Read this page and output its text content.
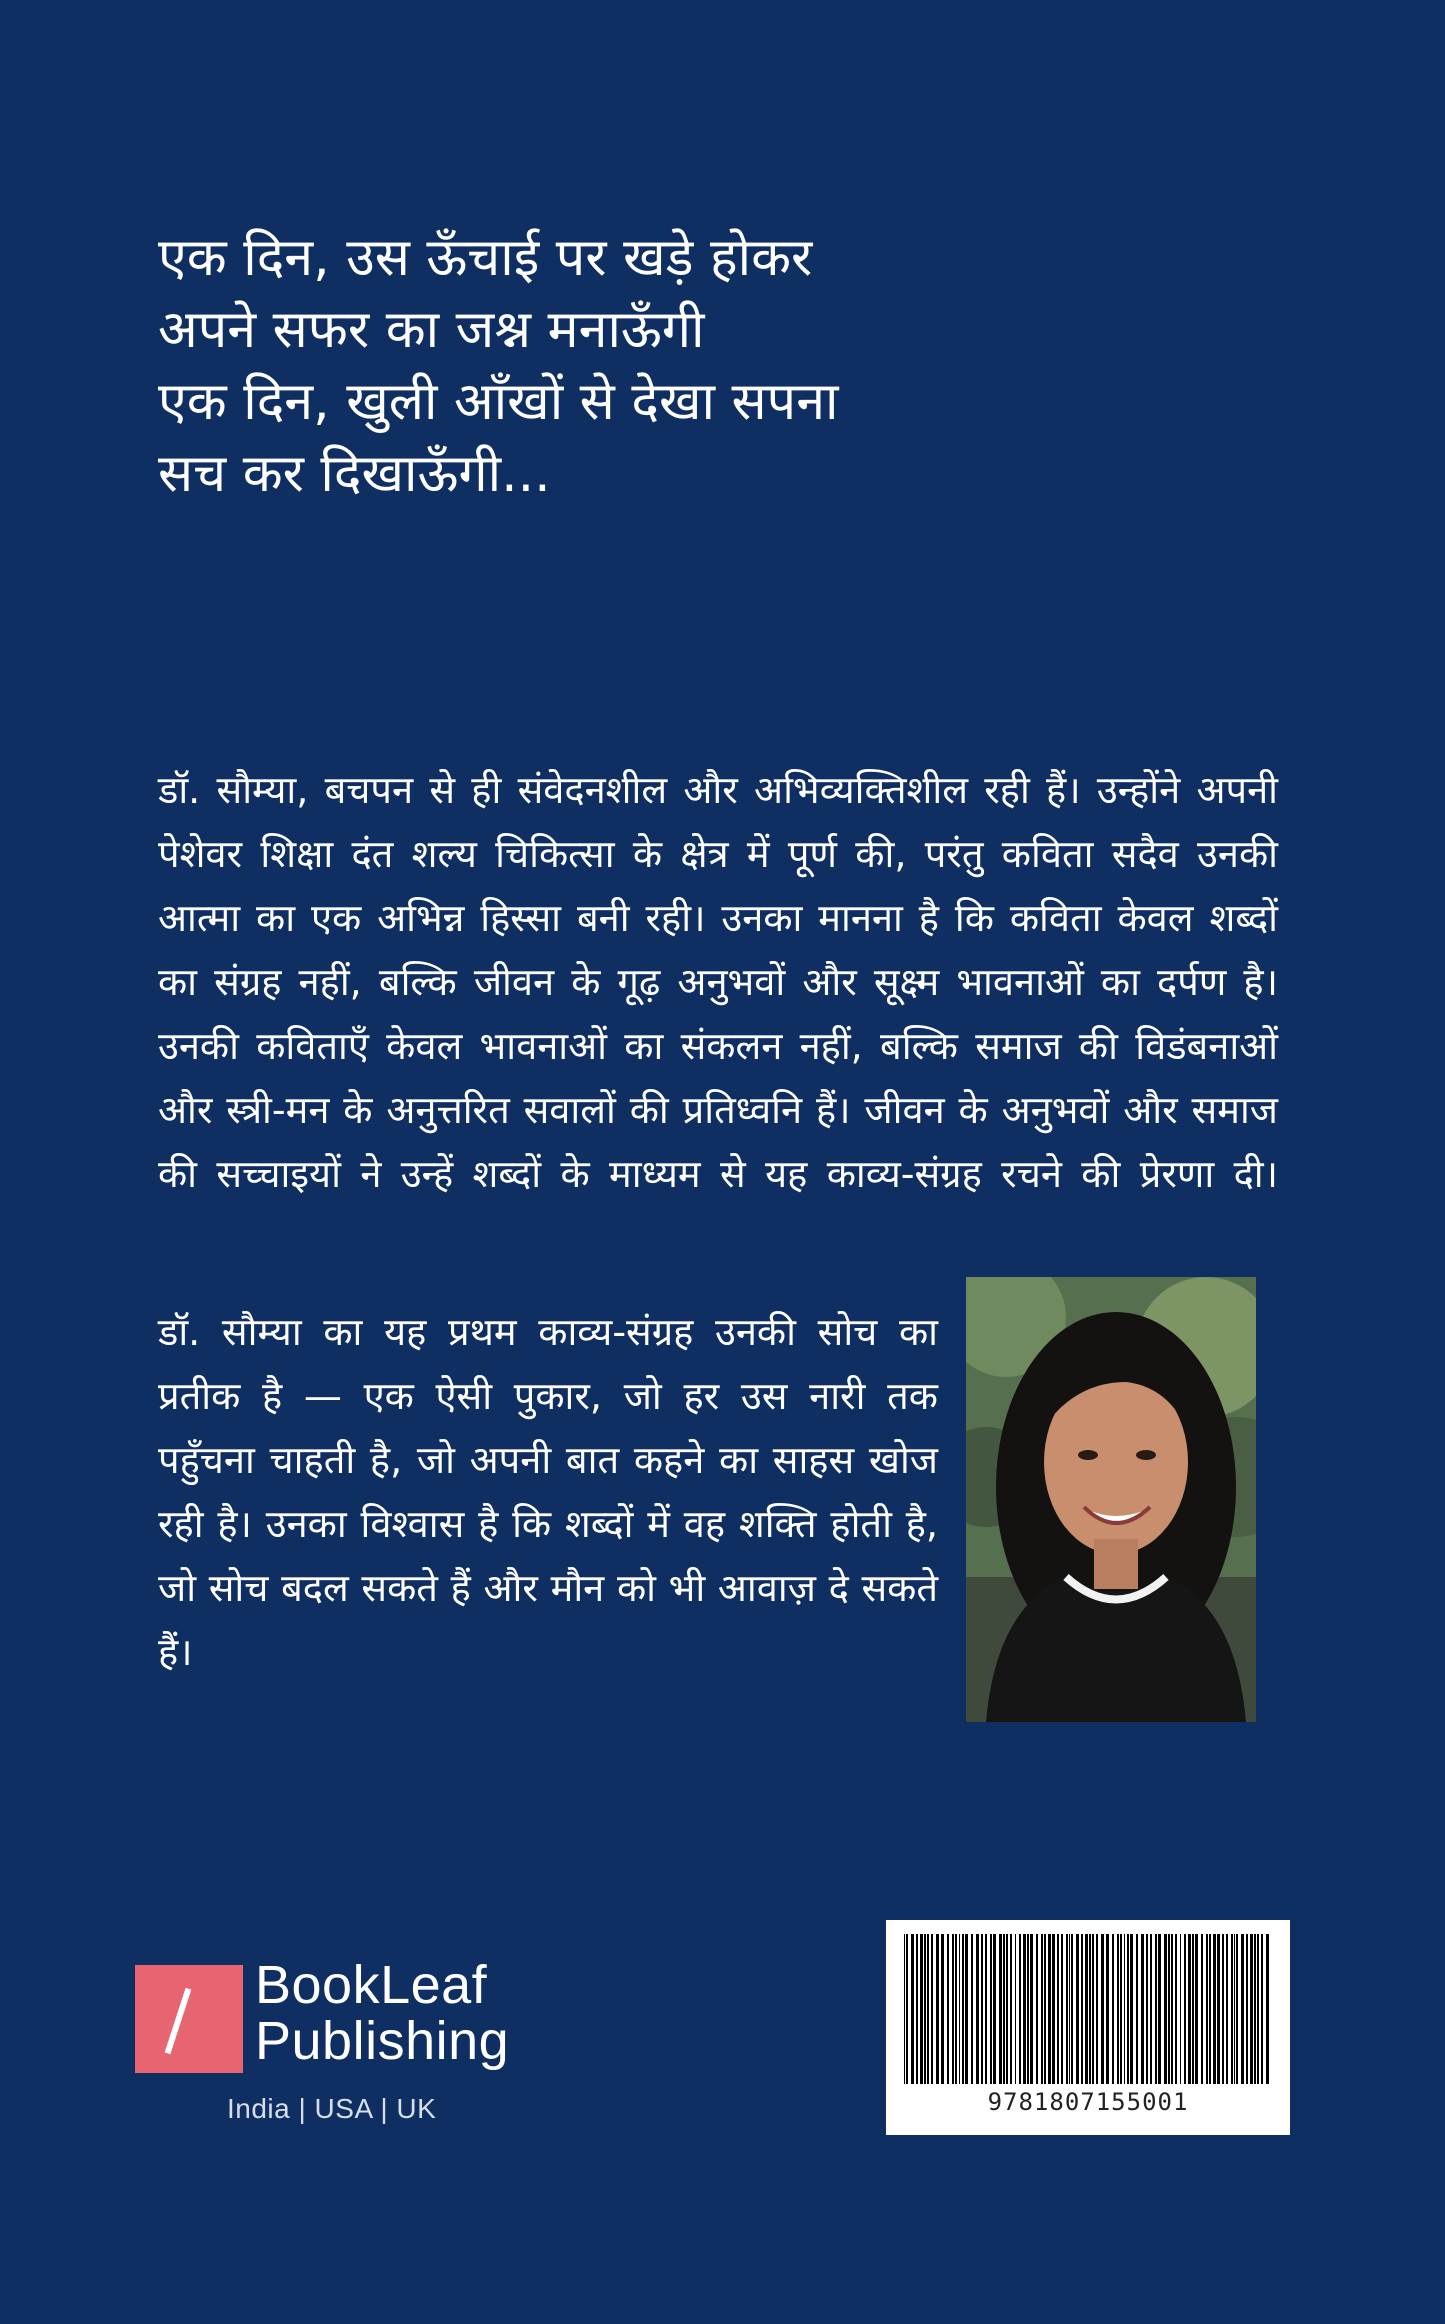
एक दिन, उस ऊँचाई पर खड़े होकर
अपने सफर का जश्न मनाऊँगी
एक दिन, खुली आँखों से देखा सपना
सच कर दिखाऊँगी...
डॉ. सौम्या, बचपन से ही संवेदनशील और अभिव्यक्तिशील रही हैं। उन्होंने अपनी पेशेवर शिक्षा दंत शल्य चिकित्सा के क्षेत्र में पूर्ण की, परंतु कविता सदैव उनकी आत्मा का एक अभिन्न हिस्सा बनी रही। उनका मानना है कि कविता केवल शब्दों का संग्रह नहीं, बल्कि जीवन के गूढ़ अनुभवों और सूक्ष्म भावनाओं का दर्पण है। उनकी कविताएँ केवल भावनाओं का संकलन नहीं, बल्कि समाज की विडंबनाओं और स्त्री-मन के अनुत्तरित सवालों की प्रतिध्वनि हैं। जीवन के अनुभवों और समाज की सच्चाइयों ने उन्हें शब्दों के माध्यम से यह काव्य-संग्रह रचने की प्रेरणा दी।
डॉ. सौम्या का यह प्रथम काव्य-संग्रह उनकी सोच का प्रतीक है — एक ऐसी पुकार, जो हर उस नारी तक पहुँचना चाहती है, जो अपनी बात कहने का साहस खोज रही है। उनका विश्वास है कि शब्दों में वह शक्ति होती है, जो सोच बदल सकते हैं और मौन को भी आवाज़ दे सकते हैं।
BookLeaf
Publishing
India | USA | UK	9781807155001
